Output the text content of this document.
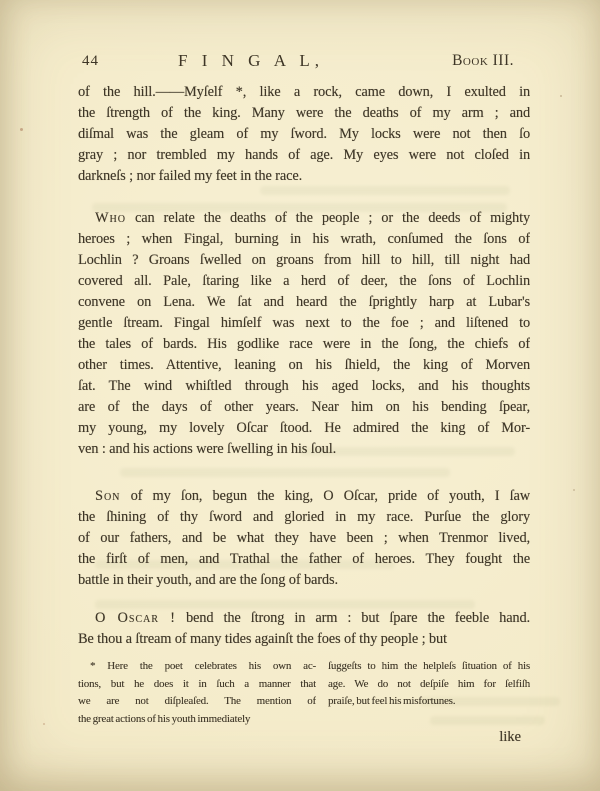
44	F I N G A L,	Book III.
of the hill.——Myſelf *, like a rock, came down, I exulted in
the ſtrength of the king. Many were the deaths of my arm ; and
diſmal was the gleam of my ſword. My locks were not then ſo
gray ; nor trembled my hands of age. My eyes were not cloſed in
darkneſs ; nor failed my feet in the race.
Who can relate the deaths of the people ; or the deeds of mighty
heroes ; when Fingal, burning in his wrath, conſumed the ſons of
Lochlin ? Groans ſwelled on groans from hill to hill, till night had
covered all. Pale, ſtaring like a herd of deer, the ſons of Lochlin
convene on Lena. We ſat and heard the ſprightly harp at Lubar's
gentle ſtream. Fingal himſelf was next to the foe ; and liſtened to
the tales of bards. His godlike race were in the ſong, the chiefs of
other times. Attentive, leaning on his ſhield, the king of Morven
ſat. The wind whiſtled through his aged locks, and his thoughts
are of the days of other years. Near him on his bending ſpear,
my young, my lovely Oſcar ſtood. He admired the king of Mor-
ven : and his actions were ſwelling in his ſoul.
Son of my ſon, begun the king, O Oſcar, pride of youth, I ſaw
the ſhining of thy ſword and gloried in my race. Purſue the glory
of our fathers, and be what they have been ; when Trenmor lived,
the firſt of men, and Trathal the father of heroes. They fought the
battle in their youth, and are the ſong of bards.
O Oscar ! bend the ſtrong in arm : but ſpare the feeble hand.
Be thou a ſtream of many tides againſt the foes of thy people ; but
* Here the poet celebrates his own ac-
tions, but he does it in ſuch a manner that
we are not diſpleaſed. The mention of
the great actions of his youth immediately
ſuggeſts to him the helpleſs ſituation of his
age. We do not deſpiſe him for ſelfiſh
praiſe, but feel his misfortunes.
like
